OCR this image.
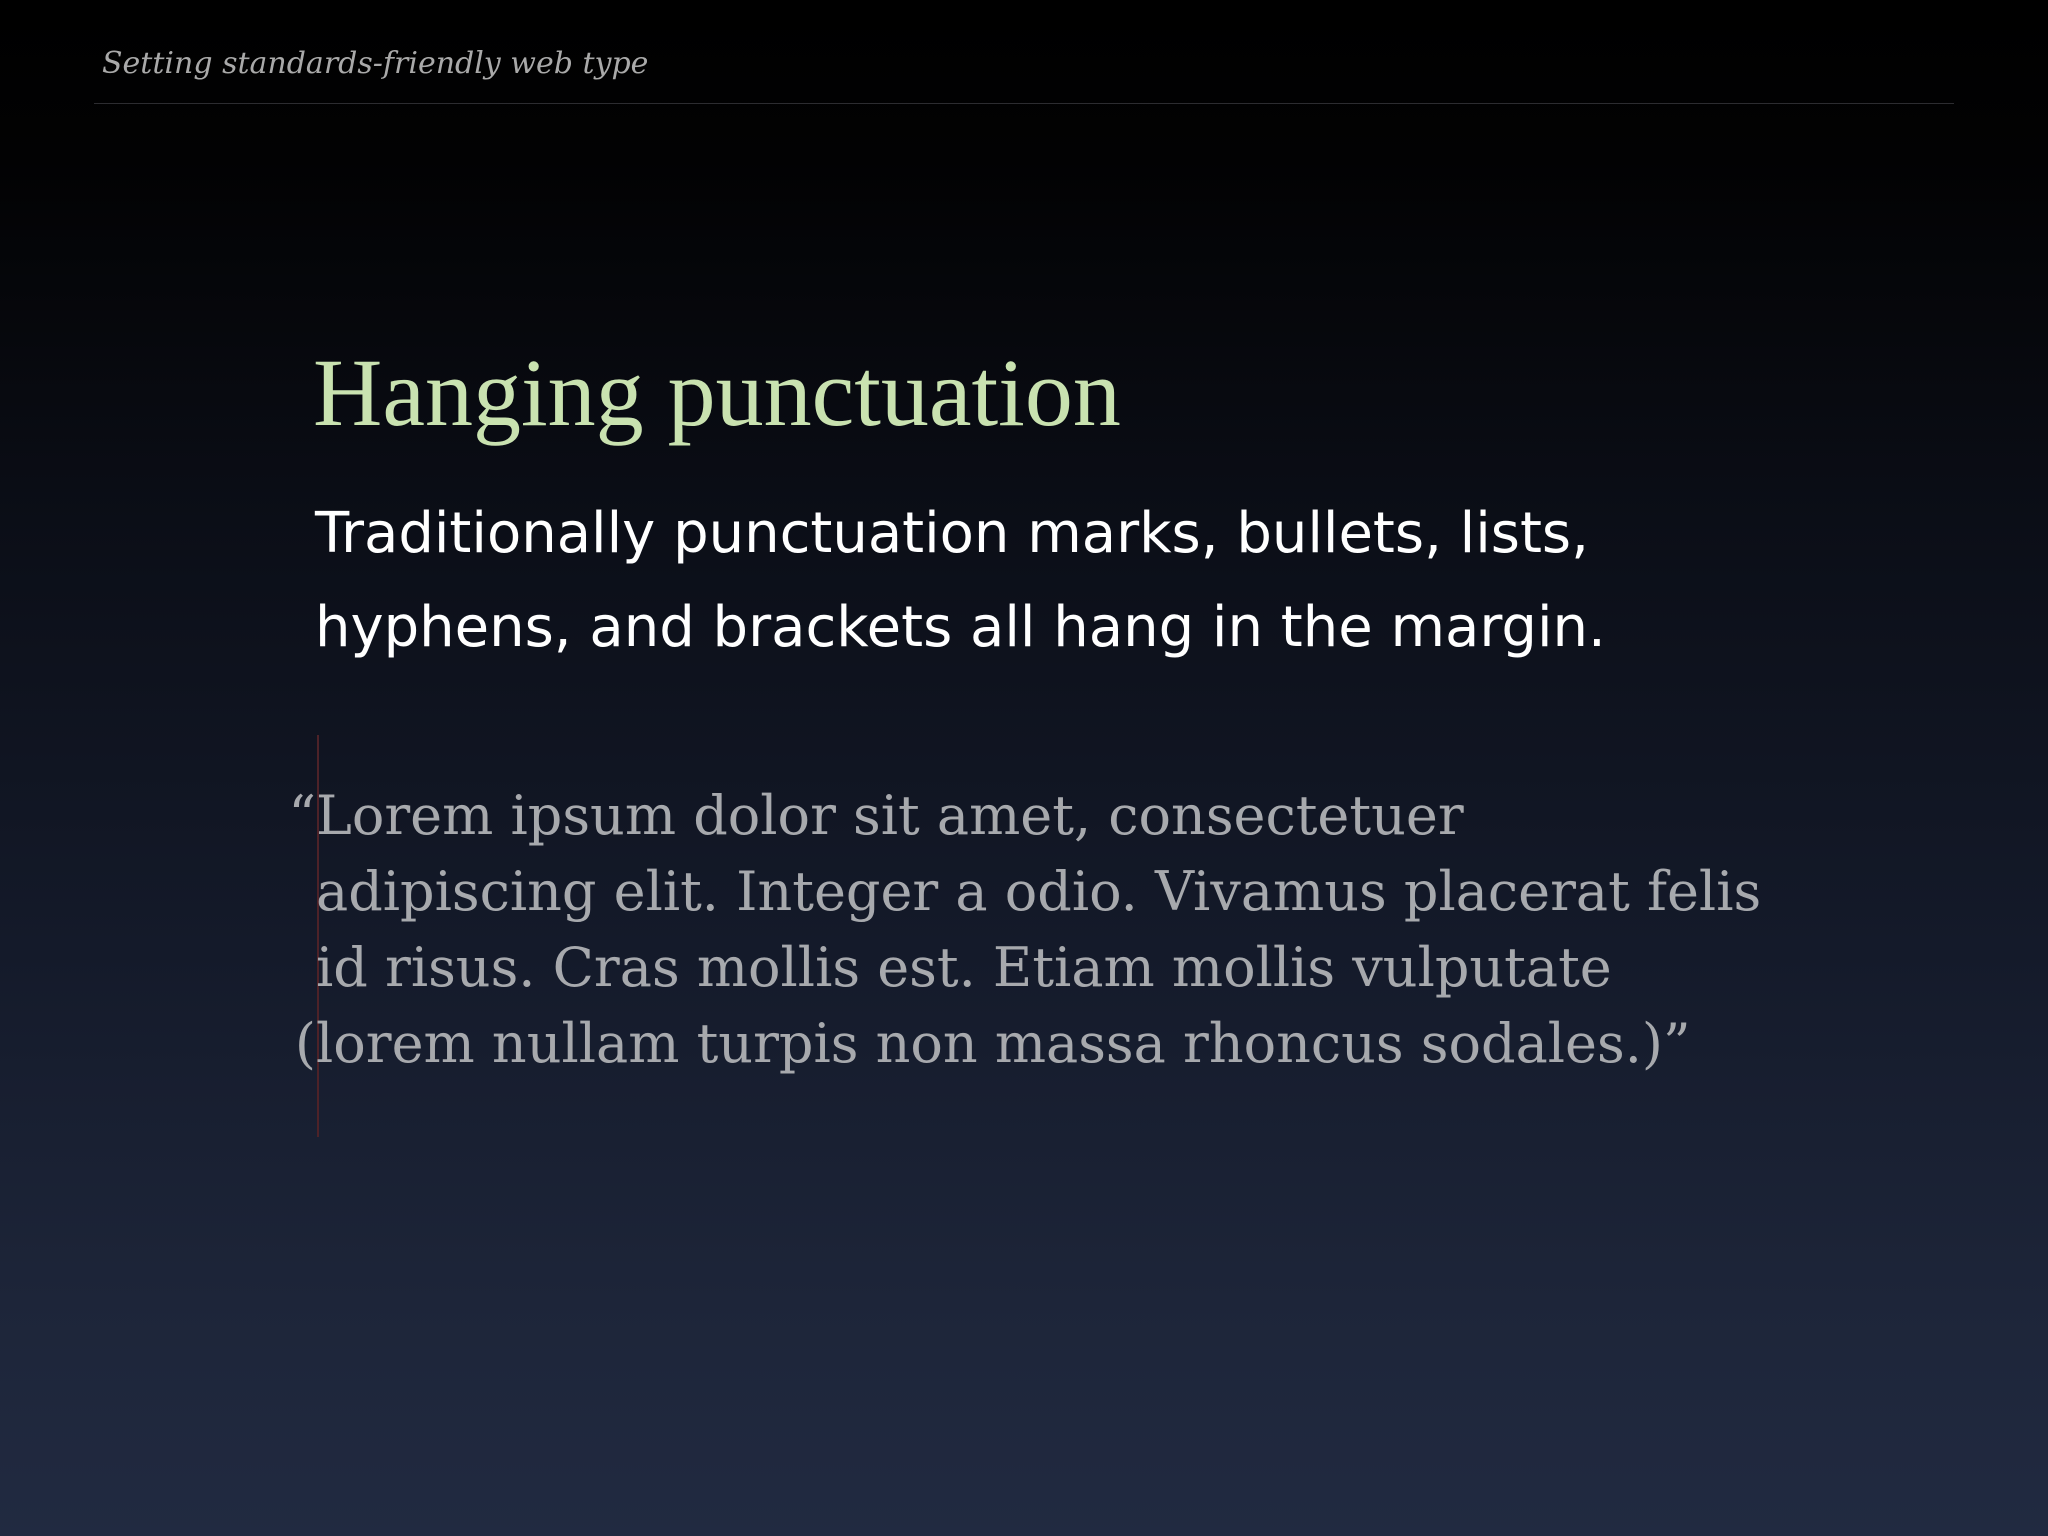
Setting standards-friendly web type
Hanging punctuation
Traditionally punctuation marks, bullets, lists,
hyphens, and brackets all hang in the margin.
“ Lorem ipsum dolor sit amet, consectetuer
adipiscing elit. Integer a odio. Vivamus placerat felis
id risus. Cras mollis est. Etiam mollis vulputate
( lorem nullam turpis non massa rhoncus sodales.)”
